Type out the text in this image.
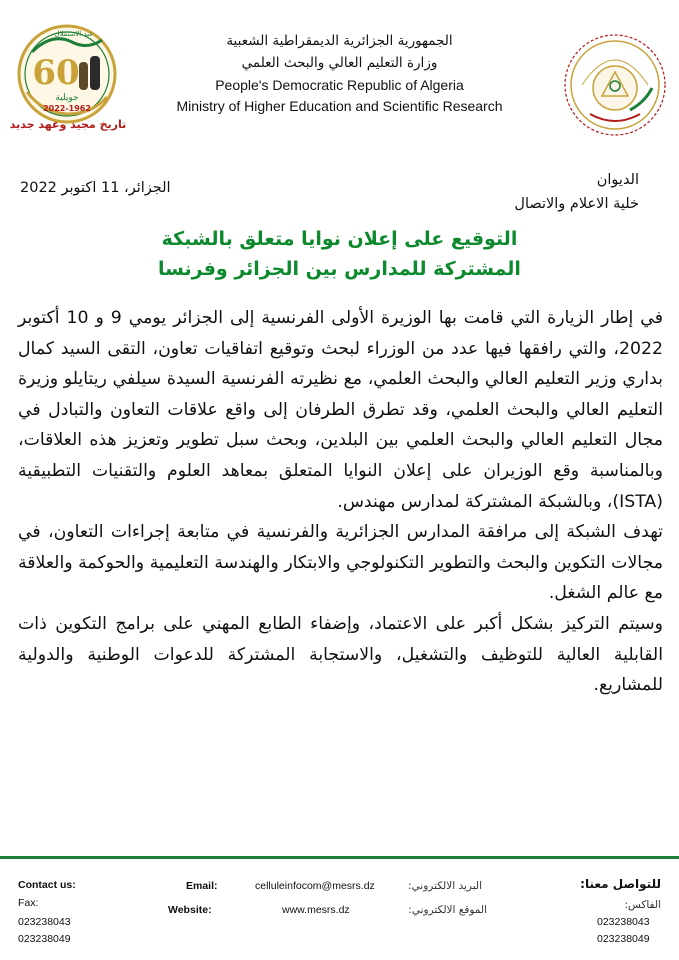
عيد الاستقلال
60
جويلية
2022-1962
تاريخ مجيد وعهد جديد
الجمهورية الجزائرية الديمقراطية الشعبية
وزارة التعليم العالي والبحث العلمي
People's Democratic Republic of Algeria
Ministry of Higher Education and Scientific Research
الديوان
خلية الاعلام والاتصال
الجزائر، 11 اكتوبر 2022
التوقيع على إعلان نوايا متعلق بالشبكة
المشتركة للمدارس بين الجزائر وفرنسا

في إطار الزيارة التي قامت بها الوزيرة الأولى الفرنسية إلى الجزائر يومي 9 و 10 أكتوبر 2022، والتي رافقها فيها عدد من الوزراء لبحث وتوقيع اتفاقيات تعاون، التقى السيد كمال بداري وزير التعليم العالي والبحث العلمي، مع نظيرته الفرنسية السيدة سيلفي ريتايلو وزيرة التعليم العالي والبحث العلمي، وقد تطرق الطرفان إلى واقع علاقات التعاون والتبادل في مجال التعليم العالي والبحث العلمي بين البلدين، وبحث سبل تطوير وتعزيز هذه العلاقات، وبالمناسبة وقع الوزيران على إعلان النوايا المتعلق بمعاهد العلوم والتقنيات التطبيقية (ISTA)، وبالشبكة المشتركة لمدارس مهندس.

تهدف الشبكة إلى مرافقة المدارس الجزائرية والفرنسية في متابعة إجراءات التعاون، في مجالات التكوين والبحث والتطوير التكنولوجي والابتكار والهندسة التعليمية والحوكمة والعلاقة مع عالم الشغل.

وسيتم التركيز بشكل أكبر على الاعتماد، وإضفاء الطابع المهني على برامج التكوين ذات القابلية العالية للتوظيف والتشغيل، والاستجابة المشتركة للدعوات الوطنية والدولية للمشاريع.

Contact us:
Fax:
023238043
023238049
Email:
Website:
celluleinfocom@mesrs.dz
www.mesrs.dz
البريد الالكتروني:
الموقع الالكتروني:
للتواصل معنا:
الفاكس:
023238043
023238049
